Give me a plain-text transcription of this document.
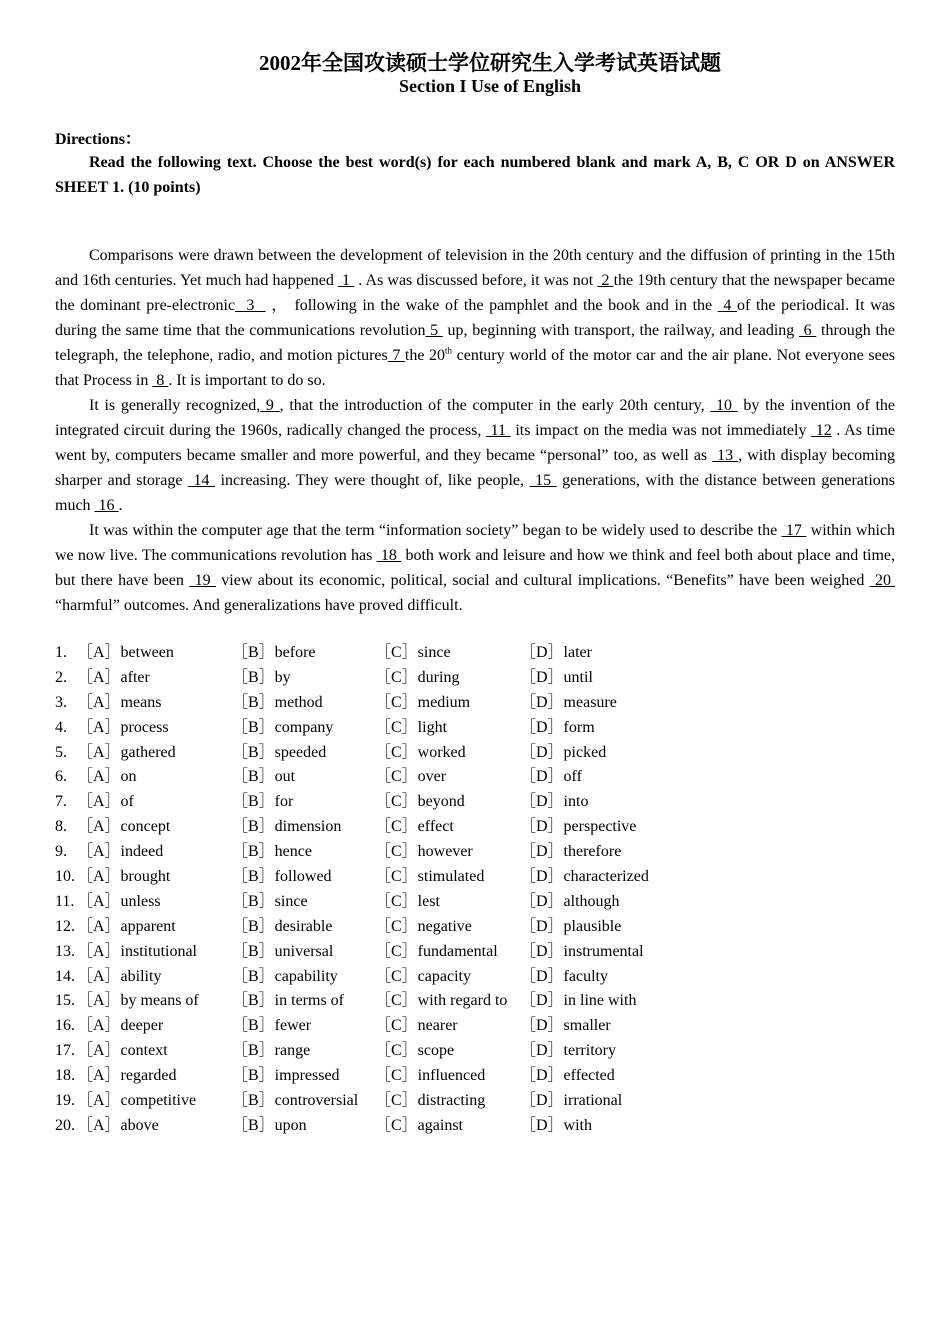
2002年全国攻读硕士学位研究生入学考试英语试题
Section I Use of English
Directions：
Read the following text. Choose the best word(s) for each numbered blank and mark A, B, C OR D on ANSWER SHEET 1. (10 points)

Comparisons were drawn between the development of television in the 20th century and the diffusion of printing in the 15th and 16th centuries. Yet much had happened  1  . As was discussed before, it was not  2 the 19th century that the newspaper became the dominant pre-electronic  3   ， following in the wake of the pamphlet and the book and in the  4 of the periodical. It was during the same time that the communications revolution 5  up, beginning with transport, the railway, and leading  6  through the telegraph, the telephone, radio, and motion pictures 7 the 20th century world of the motor car and the air plane. Not everyone sees that Process in  8 . It is important to do so.

It is generally recognized, 9 , that the introduction of the computer in the early 20th century,  10  by the invention of the integrated circuit during the 1960s, radically changed the process,  11  its impact on the media was not immediately  12 . As time went by, computers became smaller and more powerful, and they became “personal” too, as well as  13 , with display becoming sharper and storage  14  increasing. They were thought of, like people,  15  generations, with the distance between generations much  16 .

It was within the computer age that the term “information society” began to be widely used to describe the  17  within which we now live. The communications revolution has  18  both work and leisure and how we think and feel both about place and time, but there have been  19  view about its economic, political, social and cultural implications. “Benefits” have been weighed  20  “harmful” outcomes. And generalizations have proved difficult.

1. ［A］between	［B］before	［C］since	［D］later
2. ［A］after	［B］by	［C］during	［D］until
3. ［A］means	［B］method	［C］medium	［D］measure
4. ［A］process	［B］company	［C］light	［D］form
5. ［A］gathered	［B］speeded	［C］worked	［D］picked
6. ［A］on	［B］out	［C］over	［D］off
7. ［A］of	［B］for	［C］beyond	［D］into
8. ［A］concept	［B］dimension ［C］effect	［D］perspective
9. ［A］indeed	［B］hence	［C］however	［D］therefore
10. ［A］brought	［B］followed	［C］stimulated ［D］characterized
11. ［A］unless	［B］since	［C］lest	［D］although
12. ［A］apparent	［B］desirable	［C］negative	［D］plausible
13. ［A］institutional ［B］universal	［C］fundamental ［D］instrumental
14. ［A］ability	［B］capability ［C］capacity	［D］faculty
15. ［A］by means of ［B］in terms of ［C］with regard to ［D］in line with
16. ［A］deeper	［B］fewer	［C］nearer	［D］smaller
17. ［A］context	［B］range	［C］scope	［D］territory
18. ［A］regarded	［B］impressed ［C］influenced ［D］effected
19. ［A］competitive ［B］controversial ［C］distracting ［D］irrational
20. ［A］above	［B］upon	［C］against	［D］with
